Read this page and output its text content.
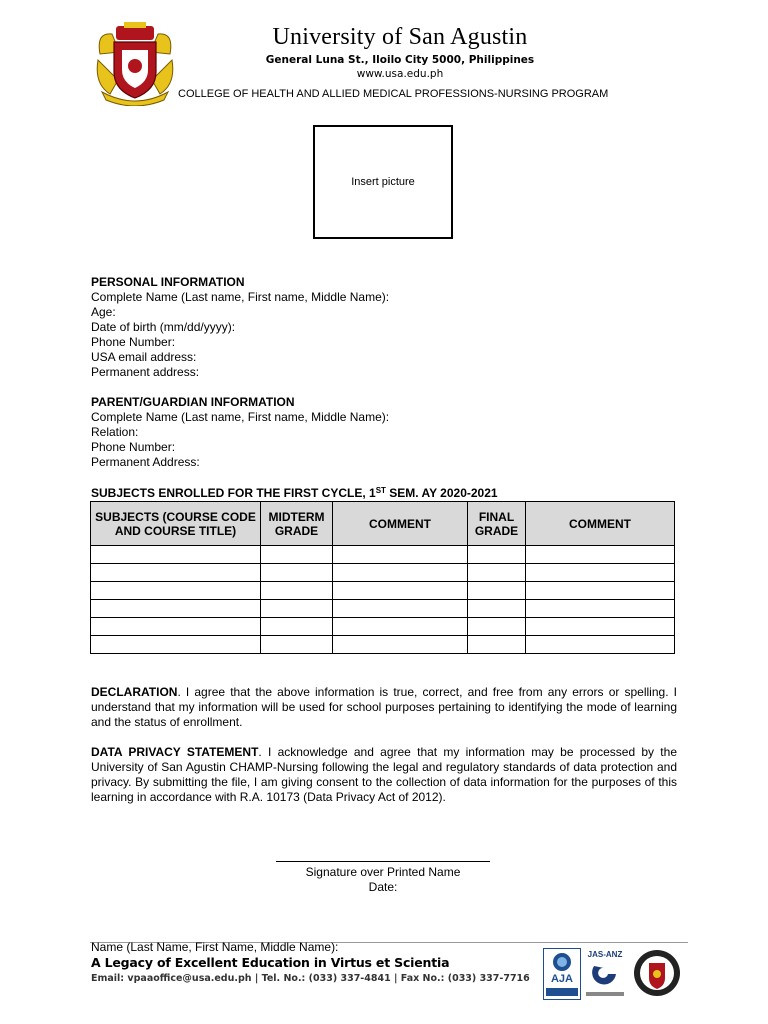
University of San Agustin
General Luna St., Iloilo City 5000, Philippines
www.usa.edu.ph
COLLEGE OF HEALTH AND ALLIED MEDICAL PROFESSIONS-NURSING PROGRAM
Insert picture
PERSONAL INFORMATION
Complete Name (Last name, First name, Middle Name):
Age:
Date of birth (mm/dd/yyyy):
Phone Number:
USA email address:
Permanent address:
PARENT/GUARDIAN INFORMATION
Complete Name (Last name, First name, Middle Name):
Relation:
Phone Number:
Permanent Address:
SUBJECTS ENROLLED FOR THE FIRST CYCLE, 1ST SEM. AY 2020-2021
SUBJECTS (COURSE CODE AND COURSE TITLE)	MIDTERM GRADE	COMMENT	FINAL GRADE	COMMENT

DECLARATION. I agree that the above information is true, correct, and free from any errors or spelling. I understand that my information will be used for school purposes pertaining to identifying the mode of learning and the status of enrollment.
DATA PRIVACY STATEMENT. I acknowledge and agree that my information may be processed by the University of San Agustin CHAMP-Nursing following the legal and regulatory standards of data protection and privacy. By submitting the file, I am giving consent to the collection of data information for the purposes of this learning in accordance with R.A. 10173 (Data Privacy Act of 2012).
Signature over Printed Name
Date:
Name (Last Name, First Name, Middle Name):
A Legacy of Excellent Education in Virtus et Scientia
Email: vpaaoffice@usa.edu.ph | Tel. No.: (033) 337-4841 | Fax No.: (033) 337-7716 AJA
JAS-ANZ
